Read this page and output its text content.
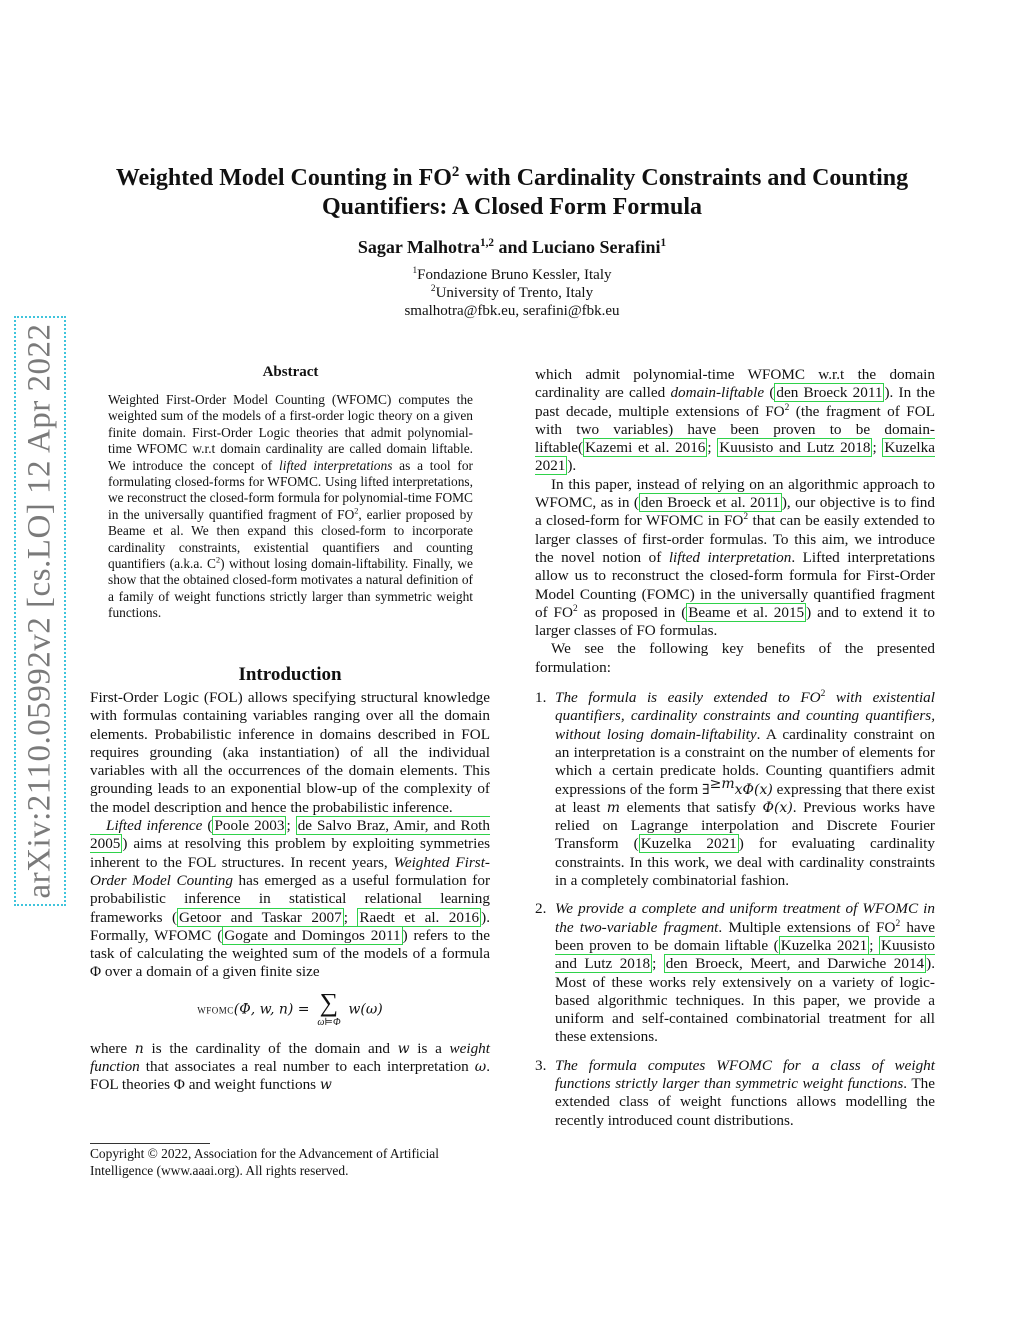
arXiv:2110.05992v2 [cs.LO] 12 Apr 2022
Weighted Model Counting in $FO^2$ with Cardinality Constraints and Counting
Quantifiers: A Closed Form Formula
Sagar Malhotra$^{1,2}$ and Luciano Serafini$^1$
$^1$Fondazione Bruno Kessler, Italy
$^2$University of Trento, Italy
smalhotra@fbk.eu, serafini@fbk.eu
Abstract
Weighted First-Order Model Counting (WFOMC) computes the weighted sum of the models of a first-order logic theory on a given finite domain. First-Order Logic theories that admit polynomial-time WFOMC w.r.t domain cardinality are called domain liftable. We introduce the concept of lifted interpretations as a tool for formulating closed-forms for WFOMC. Using lifted interpretations, we reconstruct the closed-form formula for polynomial-time FOMC in the universally quantified fragment of $FO^2$, earlier proposed by Beame et al. We then expand this closed-form to incorporate cardinality constraints, existential quantifiers and counting quantifiers (a.k.a. $C^2$) without losing domain-liftability. Finally, we show that the obtained closed-form motivates a natural definition of a family of weight functions strictly larger than symmetric weight functions.
Introduction

First-Order Logic (FOL) allows specifying structural knowledge with formulas containing variables ranging over all the domain elements. Probabilistic inference in domains described in FOL requires grounding (aka instantiation) of all the individual variables with all the occurrences of the domain elements. This grounding leads to an exponential blow-up of the complexity of the model description and hence the probabilistic inference.

Lifted inference ( Poole 2003 ; de Salvo Braz, Amir, and Roth 2005 ) aims at resolving this problem by exploiting symmetries inherent to the FOL structures. In recent years, Weighted First-Order Model Counting has emerged as a useful formulation for probabilistic inference in statistical relational learning frameworks ( Getoor and Taskar 2007 ; Raedt et al. 2016 ). Formally, WFOMC ( Gogate and Domingos 2011 ) refers to the task of calculating the weighted sum of the models of a formula Φ over a domain of a given finite size

wfomc(Φ, w, n) = ∑
ω⊨Φ
w(ω)

where n is the cardinality of the domain and w is a weight function that associates a real number to each interpretation ω. FOL theories Φ and weight functions w

Copyright © 2022, Association for the Advancement of Artificial Intelligence (www.aaai.org). All rights reserved.

which admit polynomial-time WFOMC w.r.t the domain cardinality are called domain-liftable ( den Broeck 2011 ). In the past decade, multiple extensions of $FO^2$ (the fragment of FOL with two variables) have been proven to be domain-liftable( Kazemi et al. 2016 ; Kuusisto and Lutz 2018 ; Kuzelka 2021 ).

In this paper, instead of relying on an algorithmic approach to WFOMC, as in ( den Broeck et al. 2011 ), our objective is to find a closed-form for WFOMC in $FO^2$ that can be easily extended to larger classes of first-order formulas. To this aim, we introduce the novel notion of lifted interpretation. Lifted interpretations allow us to reconstruct the closed-form formula for First-Order Model Counting (FOMC) in the universally quantified fragment of $FO^2$ as proposed in ( Beame et al. 2015 ) and to extend it to larger classes of FO formulas.

We see the following key benefits of the presented formulation:

1. The formula is easily extended to $FO^2$ with existential quantifiers, cardinality constraints and counting quantifiers, without losing domain-liftability. A cardinality constraint on an interpretation is a constraint on the number of elements for which a certain predicate holds. Counting quantifiers admit expressions of the form ∃$^{\ge m}$xΦ(x) expressing that there exist at least m elements that satisfy Φ(x). Previous works have relied on Lagrange interpolation and Discrete Fourier Transform ( Kuzelka 2021 ) for evaluating cardinality constraints. In this work, we deal with cardinality constraints in a completely combinatorial fashion.
2. We provide a complete and uniform treatment of WFOMC in the two-variable fragment. Multiple extensions of $FO^2$ have been proven to be domain liftable ( Kuzelka 2021 ; Kuusisto and Lutz 2018 ; den Broeck, Meert, and Darwiche 2014 ). Most of these works rely extensively on a variety of logic-based algorithmic techniques. In this paper, we provide a uniform and self-contained combinatorial treatment for all these extensions.
3. The formula computes WFOMC for a class of weight functions strictly larger than symmetric weight functions. The extended class of weight functions allows modelling the recently introduced count distributions.
